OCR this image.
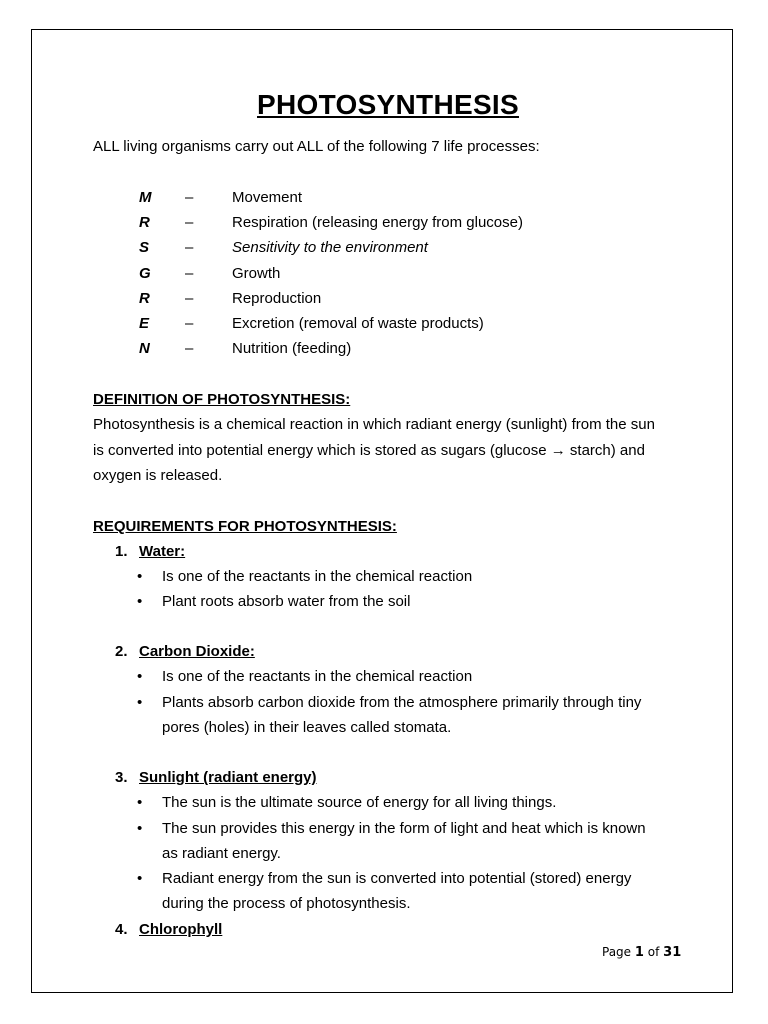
PHOTOSYNTHESIS
ALL living organisms carry out ALL of the following 7 life processes:
M	–	Movement
R	–	Respiration (releasing energy from glucose)
S	–	Sensitivity to the environment
G	–	Growth
R	–	Reproduction
E	–	Excretion (removal of waste products)
N	–	Nutrition (feeding)
DEFINITION OF PHOTOSYNTHESIS:
Photosynthesis is a chemical reaction in which radiant energy (sunlight) from the sun
is converted into potential energy which is stored as sugars (glucose → starch) and
oxygen is released.
REQUIREMENTS FOR PHOTOSYNTHESIS:
1. Water:
• Is one of the reactants in the chemical reaction
• Plant roots absorb water from the soil
2. Carbon Dioxide:
• Is one of the reactants in the chemical reaction
• Plants absorb carbon dioxide from the atmosphere primarily through tiny
pores (holes) in their leaves called stomata.
3. Sunlight (radiant energy)
• The sun is the ultimate source of energy for all living things.
• The sun provides this energy in the form of light and heat which is known
as radiant energy.
• Radiant energy from the sun is converted into potential (stored) energy
during the process of photosynthesis.
4. Chlorophyll
Page 1 of 31
